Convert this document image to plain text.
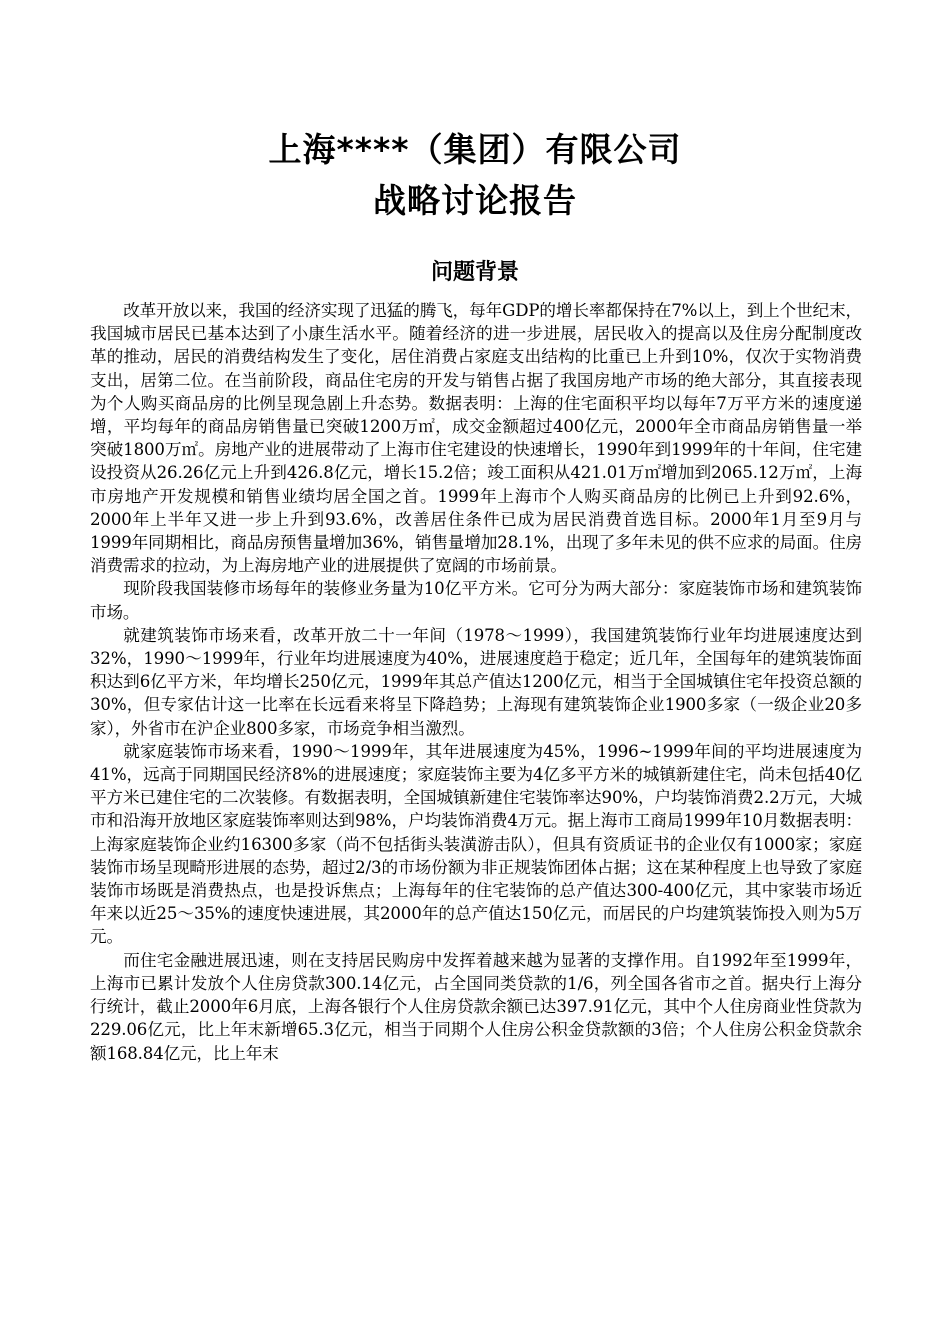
上海****（集团）有限公司
战略讨论报告
问题背景

改革开放以来，我国的经济实现了迅猛的腾飞，每年GDP的增长率都保持在7%以上，到上个世纪末，我国城市居民已基本达到了小康生活水平。随着经济的进一步进展，居民收入的提高以及住房分配制度改革的推动，居民的消费结构发生了变化，居住消费占家庭支出结构的比重已上升到10%，仅次于实物消费支出，居第二位。在当前阶段，商品住宅房的开发与销售占据了我国房地产市场的绝大部分，其直接表现为个人购买商品房的比例呈现急剧上升态势。数据表明：上海的住宅面积平均以每年7万平方米的速度递增，平均每年的商品房销售量已突破1200万㎡，成交金额超过400亿元，2000年全市商品房销售量一举突破1800万㎡。房地产业的进展带动了上海市住宅建设的快速增长，1990年到1999年的十年间，住宅建设投资从26.26亿元上升到426.8亿元，增长15.2倍；竣工面积从421.01万㎡增加到2065.12万㎡，上海市房地产开发规模和销售业绩均居全国之首。1999年上海市个人购买商品房的比例已上升到92.6%，2000年上半年又进一步上升到93.6%，改善居住条件已成为居民消费首选目标。2000年1月至9月与1999年同期相比，商品房预售量增加36%，销售量增加28.1%，出现了多年未见的供不应求的局面。住房消费需求的拉动，为上海房地产业的进展提供了宽阔的市场前景。

现阶段我国装修市场每年的装修业务量为10亿平方米。它可分为两大部分：家庭装饰市场和建筑装饰市场。

就建筑装饰市场来看，改革开放二十一年间（1978～1999），我国建筑装饰行业年均进展速度达到32%，1990～1999年，行业年均进展速度为40%，进展速度趋于稳定；近几年，全国每年的建筑装饰面积达到6亿平方米，年均增长250亿元，1999年其总产值达1200亿元，相当于全国城镇住宅年投资总额的30%，但专家估计这一比率在长远看来将呈下降趋势；上海现有建筑装饰企业1900多家（一级企业20多家），外省市在沪企业800多家，市场竞争相当激烈。

就家庭装饰市场来看，1990～1999年，其年进展速度为45%，1996~1999年间的平均进展速度为41%，远高于同期国民经济8%的进展速度；家庭装饰主要为4亿多平方米的城镇新建住宅，尚未包括40亿平方米已建住宅的二次装修。有数据表明，全国城镇新建住宅装饰率达90%，户均装饰消费2.2万元，大城市和沿海开放地区家庭装饰率则达到98%，户均装饰消费4万元。据上海市工商局1999年10月数据表明：上海家庭装饰企业约16300多家（尚不包括街头装潢游击队），但具有资质证书的企业仅有1000家；家庭装饰市场呈现畸形进展的态势，超过2/3的市场份额为非正规装饰团体占据；这在某种程度上也导致了家庭装饰市场既是消费热点，也是投诉焦点；上海每年的住宅装饰的总产值达300-400亿元，其中家装市场近年来以近25～35%的速度快速进展，其2000年的总产值达150亿元，而居民的户均建筑装饰投入则为5万元。

而住宅金融进展迅速，则在支持居民购房中发挥着越来越为显著的支撑作用。自1992年至1999年，上海市已累计发放个人住房贷款300.14亿元，占全国同类贷款的1/6，列全国各省市之首。据央行上海分行统计，截止2000年6月底，上海各银行个人住房贷款余额已达397.91亿元，其中个人住房商业性贷款为229.06亿元，比上年末新增65.3亿元，相当于同期个人住房公积金贷款额的3倍；个人住房公积金贷款余额168.84亿元，比上年末
